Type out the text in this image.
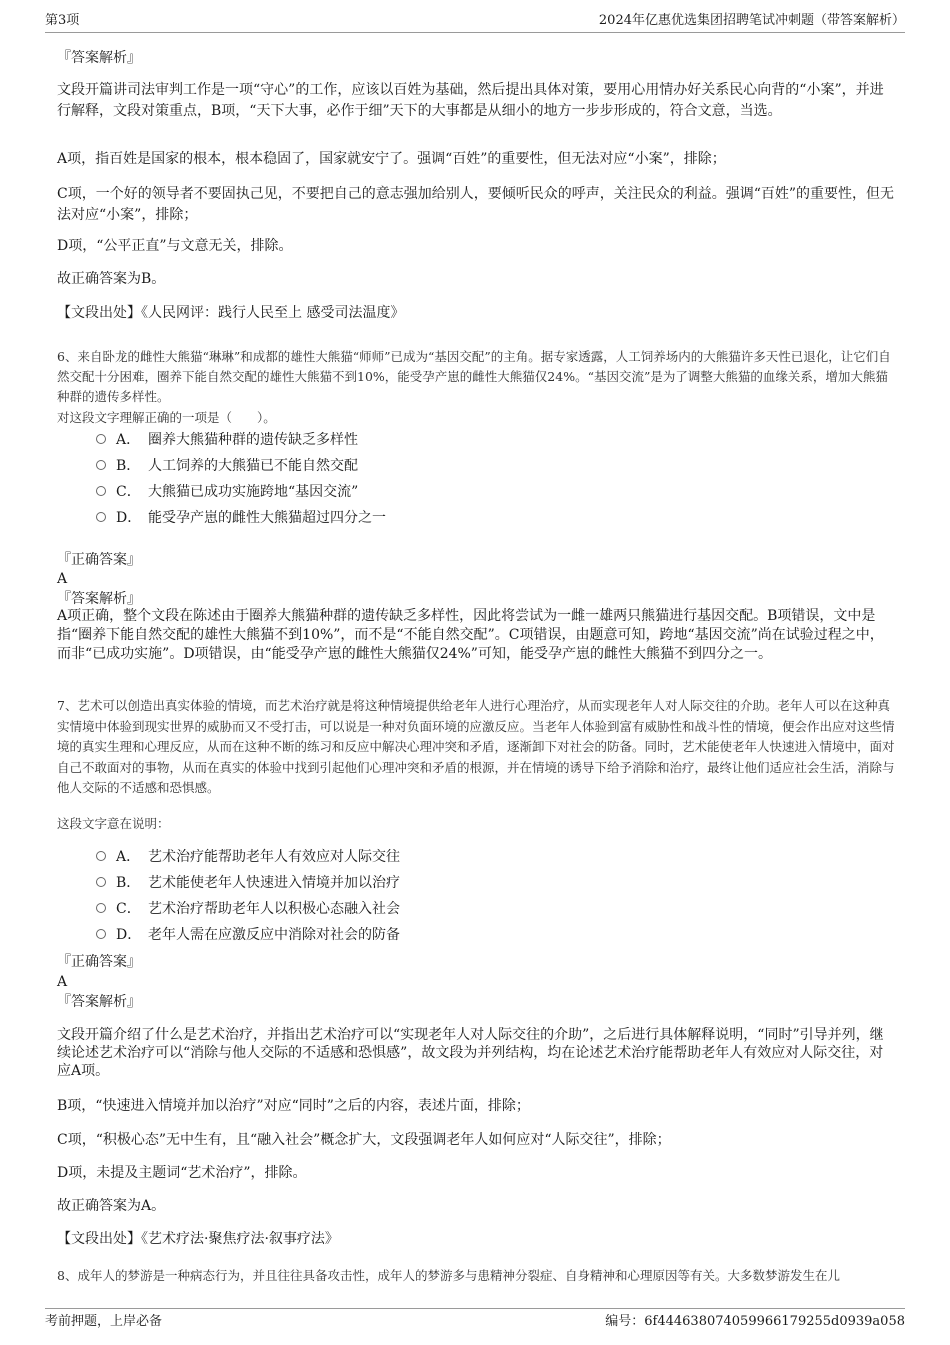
第3项	2024年亿惠优选集团招聘笔试冲刺题（带答案解析）

『答案解析』

文段开篇讲司法审判工作是一项“守心”的工作，应该以百姓为基础，然后提出具体对策，要用心用情办好关系民心向背的“小案”，并进行解释，文段对策重点，B项，“天下大事，必作于细”天下的大事都是从细小的地方一步步形成的，符合文意，当选。

A项，指百姓是国家的根本，根本稳固了，国家就安宁了。强调“百姓”的重要性，但无法对应“小案”，排除；

C项，一个好的领导者不要固执己见，不要把自己的意志强加给别人，要倾听民众的呼声，关注民众的利益。强调“百姓”的重要性，但无法对应“小案”，排除；

D项，“公平正直”与文意无关，排除。

故正确答案为B。

【文段出处】《人民网评：践行人民至上 感受司法温度》

6、来自卧龙的雌性大熊猫“琳琳”和成都的雄性大熊猫“师师”已成为“基因交配”的主角。据专家透露，人工饲养场内的大熊猫许多天性已退化，让它们自然交配十分困难，圈养下能自然交配的雄性大熊猫不到10%，能受孕产崽的雌性大熊猫仅24%。“基因交流”是为了调整大熊猫的血缘关系，增加大熊猫种群的遗传多样性。

对这段文字理解正确的一项是（　　）。

A． 圈养大熊猫种群的遗传缺乏多样性
B． 人工饲养的大熊猫已不能自然交配
C． 大熊猫已成功实施跨地“基因交流”
D． 能受孕产崽的雌性大熊猫超过四分之一

『正确答案』

A

『答案解析』

A项正确，整个文段在陈述由于圈养大熊猫种群的遗传缺乏多样性，因此将尝试为一雌一雄两只熊猫进行基因交配。B项错误，文中是指“圈养下能自然交配的雄性大熊猫不到10%”，而不是“不能自然交配”。C项错误，由题意可知，跨地“基因交流”尚在试验过程之中，而非“已成功实施”。D项错误，由“能受孕产崽的雌性大熊猫仅24%”可知，能受孕产崽的雌性大熊猫不到四分之一。

7、艺术可以创造出真实体验的情境，而艺术治疗就是将这种情境提供给老年人进行心理治疗，从而实现老年人对人际交往的介助。老年人可以在这种真实情境中体验到现实世界的威胁而又不受打击，可以说是一种对负面环境的应激反应。当老年人体验到富有威胁性和战斗性的情境，便会作出应对这些情境的真实生理和心理反应，从而在这种不断的练习和反应中解决心理冲突和矛盾，逐渐卸下对社会的防备。同时，艺术能使老年人快速进入情境中，面对自己不敢面对的事物，从而在真实的体验中找到引起他们心理冲突和矛盾的根源，并在情境的诱导下给予消除和治疗，最终让他们适应社会生活，消除与他人交际的不适感和恐惧感。

这段文字意在说明：

A． 艺术治疗能帮助老年人有效应对人际交往
B． 艺术能使老年人快速进入情境并加以治疗
C． 艺术治疗帮助老年人以积极心态融入社会
D． 老年人需在应激反应中消除对社会的防备

『正确答案』

A

『答案解析』

文段开篇介绍了什么是艺术治疗，并指出艺术治疗可以“实现老年人对人际交往的介助”，之后进行具体解释说明，“同时”引导并列，继续论述艺术治疗可以“消除与他人交际的不适感和恐惧感”，故文段为并列结构，均在论述艺术治疗能帮助老年人有效应对人际交往，对应A项。

B项，“快速进入情境并加以治疗”对应“同时”之后的内容，表述片面，排除；

C项，“积极心态”无中生有，且“融入社会”概念扩大，文段强调老年人如何应对“人际交往”，排除；

D项，未提及主题词“艺术治疗”，排除。

故正确答案为A。

【文段出处】《艺术疗法·聚焦疗法·叙事疗法》

8、成年人的梦游是一种病态行为，并且往往具备攻击性，成年人的梦游多与患精神分裂症、自身精神和心理原因等有关。大多数梦游发生在儿

考前押题，上岸必备	编号：6f4446380740599661792​55d0939a058
